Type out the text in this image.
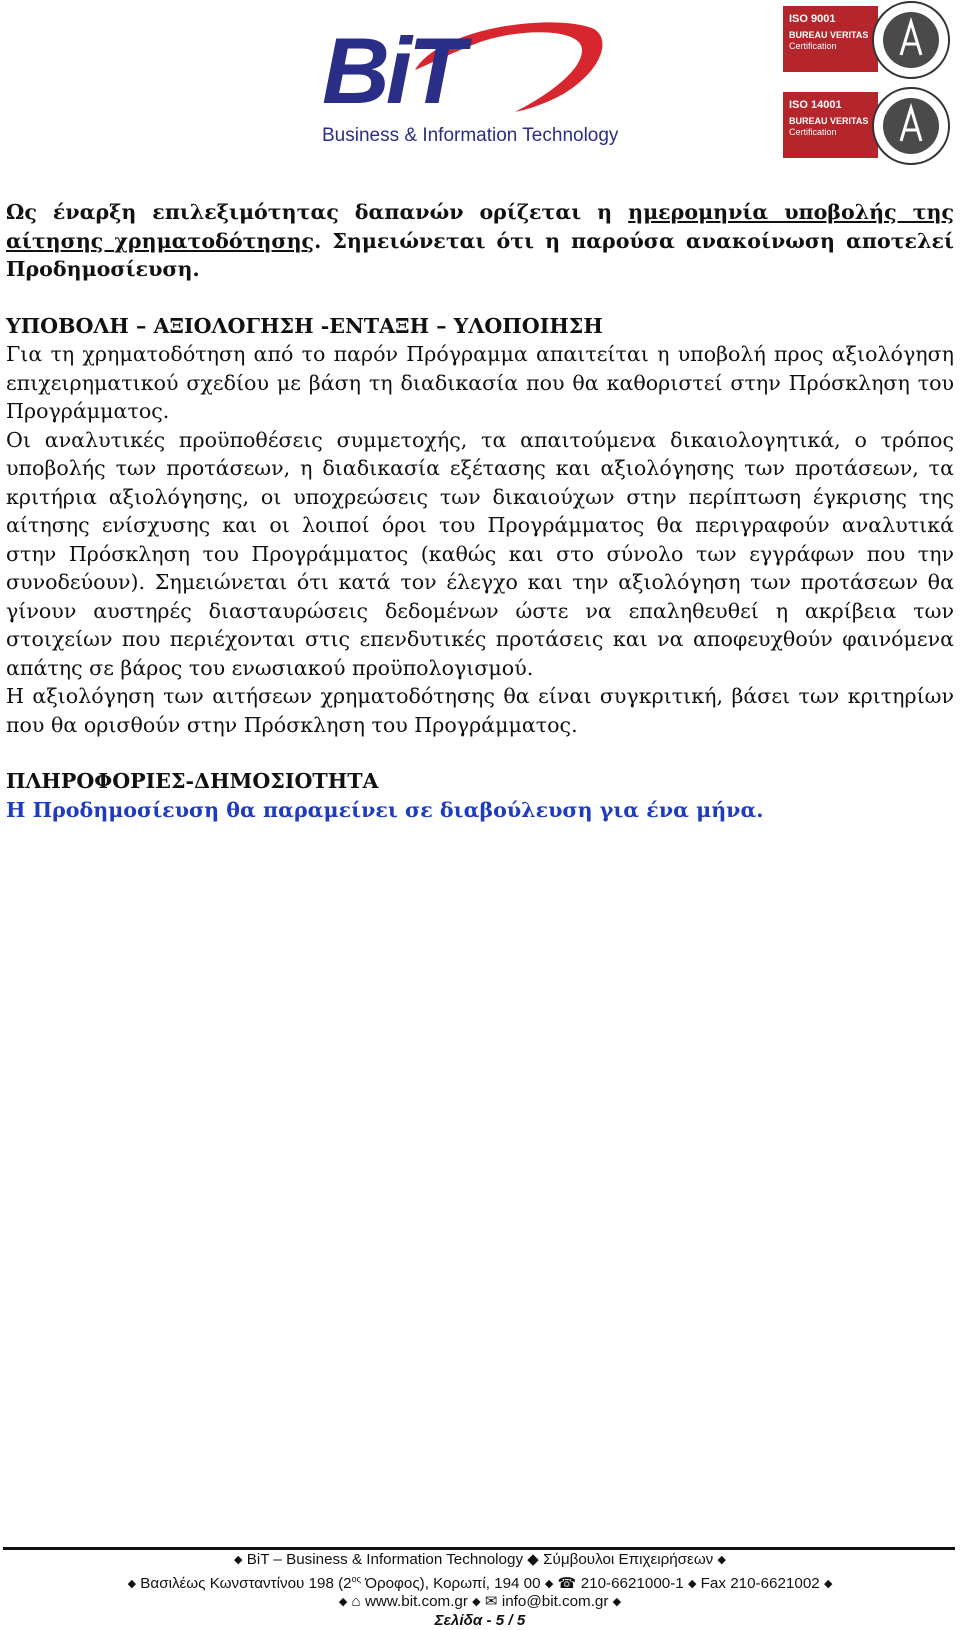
BiT
Business & Information Technology
ISO 9001
BUREAU VERITAS
Certification
ISO 14001
BUREAU VERITAS
Certification

Ως έναρξη επιλεξιμότητας δαπανών ορίζεται η ημερομηνία υποβολής της αίτησης χρηματοδότησης. Σημειώνεται ότι η παρούσα ανακοίνωση αποτελεί Προδημοσίευση.

ΥΠΟΒΟΛΗ – ΑΞΙΟΛΟΓΗΣΗ -ΕΝΤΑΞΗ – ΥΛΟΠΟΙΗΣΗ

Για τη χρηματοδότηση από το παρόν Πρόγραμμα απαιτείται η υποβολή προς αξιολόγηση επιχειρηματικού σχεδίου με βάση τη διαδικασία που θα καθοριστεί στην Πρόσκληση του Προγράμματος.

Οι αναλυτικές προϋποθέσεις συμμετοχής, τα απαιτούμενα δικαιολογητικά, ο τρόπος υποβολής των προτάσεων, η διαδικασία εξέτασης και αξιολόγησης των προτάσεων, τα κριτήρια αξιολόγησης, οι υποχρεώσεις των δικαιούχων στην περίπτωση έγκρισης της αίτησης ενίσχυσης και οι λοιποί όροι του Προγράμματος θα περιγραφούν αναλυτικά στην Πρόσκληση του Προγράμματος (καθώς και στο σύνολο των εγγράφων που την συνοδεύουν). Σημειώνεται ότι κατά τον έλεγχο και την αξιολόγηση των προτάσεων θα γίνουν αυστηρές διασταυρώσεις δεδομένων ώστε να επαληθευθεί η ακρίβεια των στοιχείων που περιέχονται στις επενδυτικές προτάσεις και να αποφευχθούν φαινόμενα απάτης σε βάρος του ενωσιακού προϋπολογισμού.

Η αξιολόγηση των αιτήσεων χρηματοδότησης θα είναι συγκριτική, βάσει των κριτηρίων που θα ορισθούν στην Πρόσκληση του Προγράμματος.

ΠΛΗΡΟΦΟΡΙΕΣ-ΔΗΜΟΣΙΟΤΗΤΑ

Η Προδημοσίευση θα παραμείνει σε διαβούλευση για ένα μήνα.

◆ BiT – Business & Information Technology ◆ Σύμβουλοι Επιχειρήσεων ◆
◆ Βασιλέως Κωνσταντίνου 198 ($2^{o\varsigma}$ Όροφος), Κορωπί, 194 00 ◆ ☎ 210-6621000-1 ◆ Fax 210-6621002 ◆
◆ ⌂ www.bit.com.gr ◆ ✉ info@bit.com.gr ◆
Σελίδα - 5 / 5
